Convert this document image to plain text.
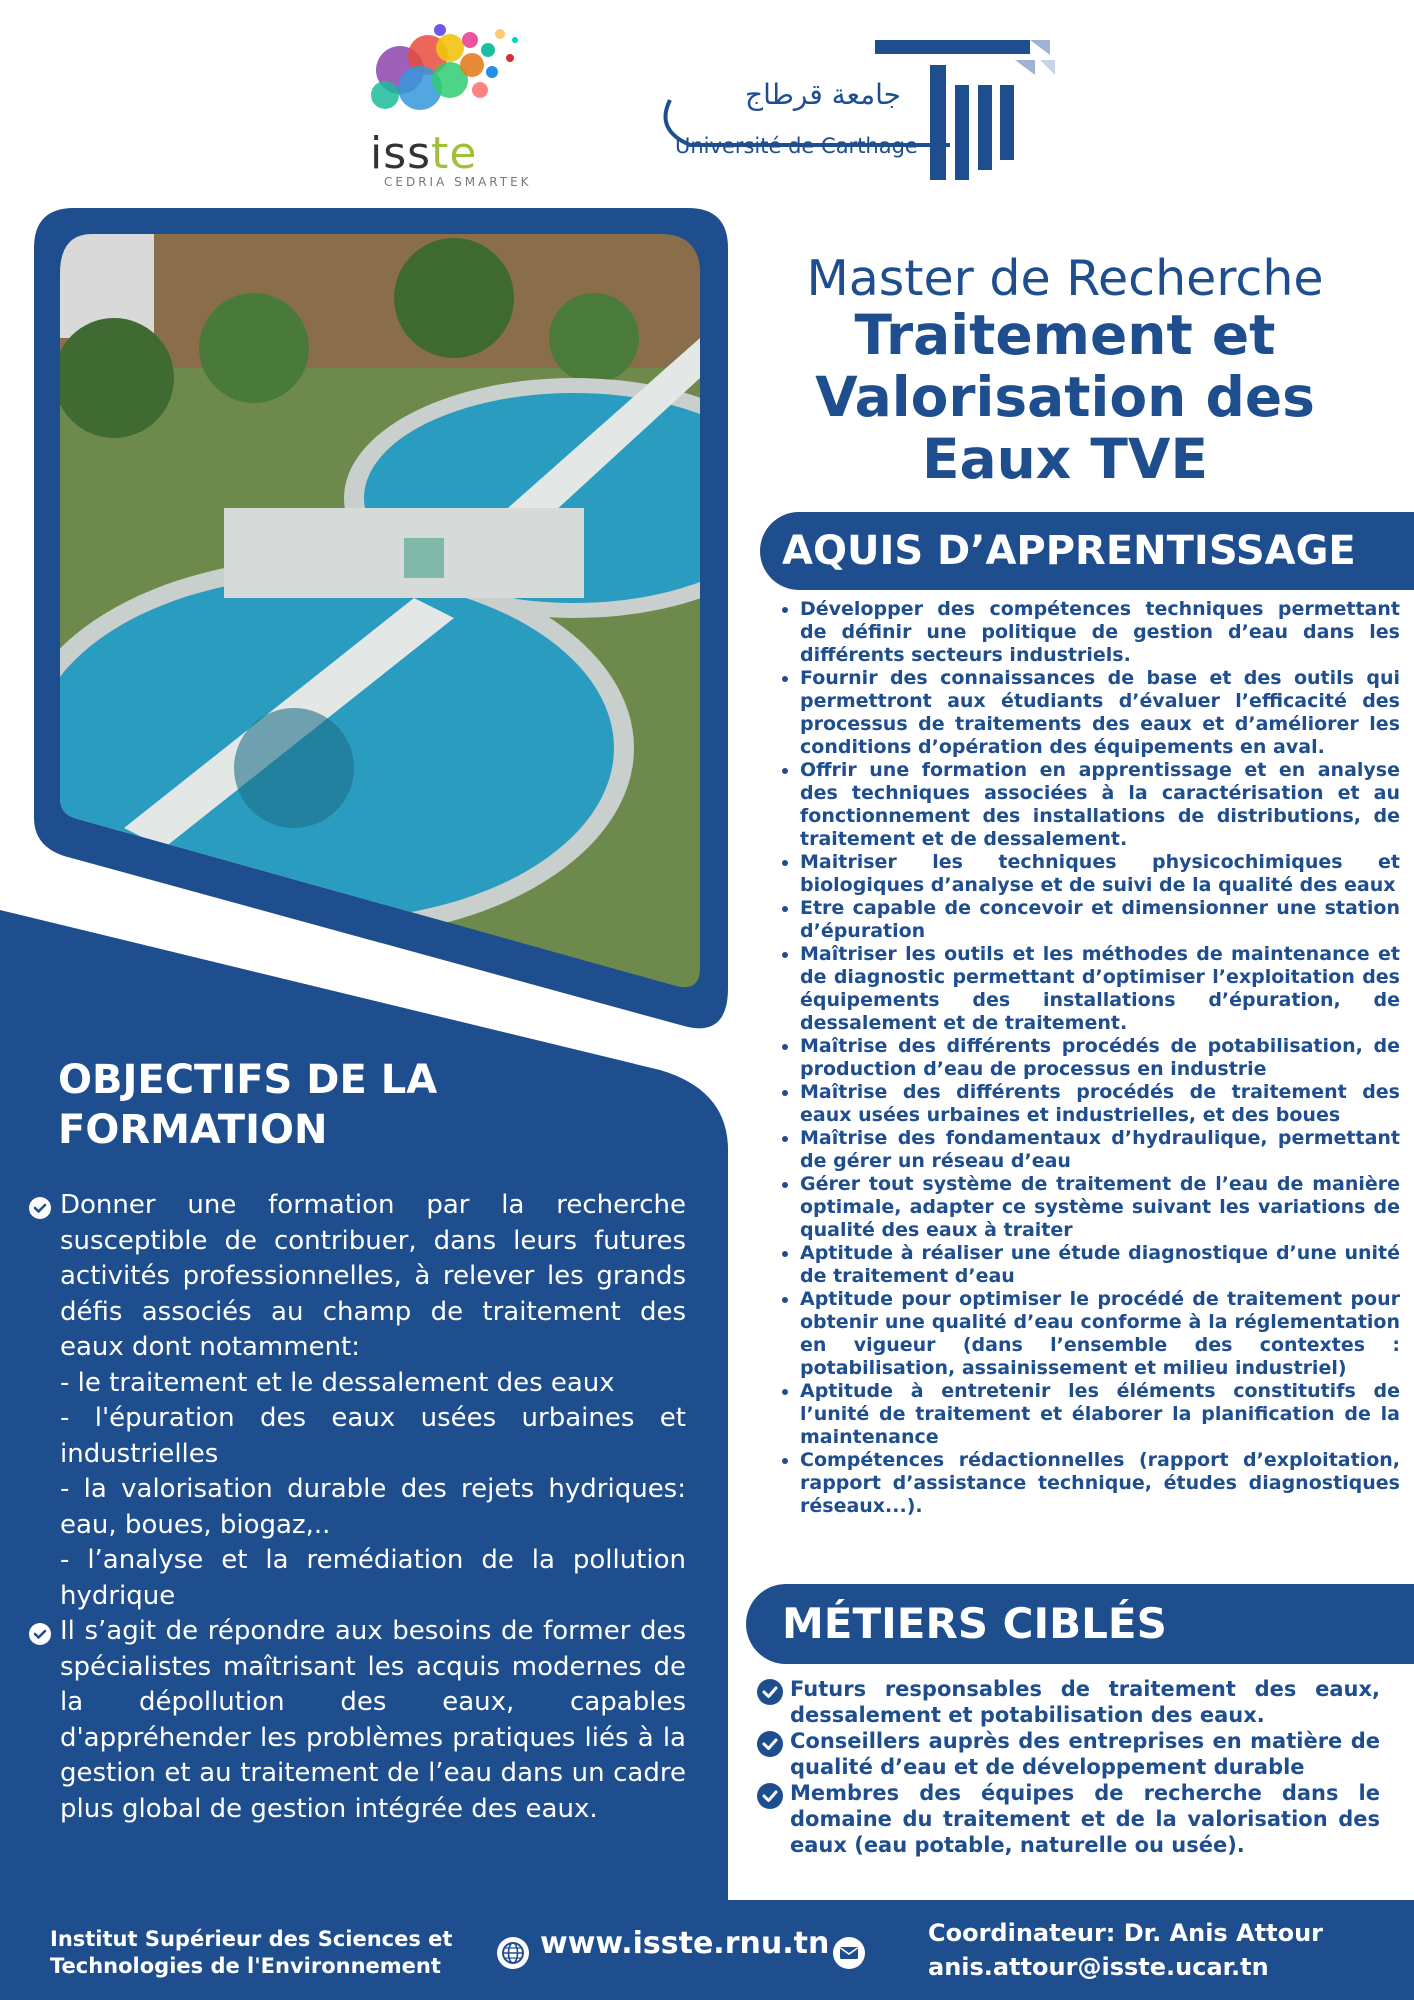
isste
CEDRIA SMARTEK
جامعة قرطاج
Université de Carthage
Master de Recherche
Traitement et
Valorisation des
Eaux TVE
AQUIS D’APPRENTISSAGE
• Développer des compétences techniques permettant de définir une politique de gestion d’eau dans les différents secteurs industriels.
• Fournir des connaissances de base et des outils qui permettront aux étudiants d’évaluer l’efficacité des processus de traitements des eaux et d’améliorer les conditions d’opération des équipements en aval.
• Offrir une formation en apprentissage et en analyse des techniques associées à la caractérisation et au fonctionnement des installations de distributions, de traitement et de dessalement.
• Maitriser les techniques physicochimiques et biologiques d’analyse et de suivi de la qualité des eaux
• Etre capable de concevoir et dimensionner une station d’épuration
• Maîtriser les outils et les méthodes de maintenance et de diagnostic permettant d’optimiser l’exploitation des équipements des installations d’épuration, de dessalement et de traitement.
• Maîtrise des différents procédés de potabilisation, de production d’eau de processus en industrie
• Maîtrise des différents procédés de traitement des eaux usées urbaines et industrielles, et des boues
• Maîtrise des fondamentaux d’hydraulique, permettant de gérer un réseau d’eau
• Gérer tout système de traitement de l’eau de manière optimale, adapter ce système suivant les variations de qualité des eaux à traiter
• Aptitude à réaliser une étude diagnostique d’une unité de traitement d’eau
• Aptitude pour optimiser le procédé de traitement pour obtenir une qualité d’eau conforme à la réglementation en vigueur (dans l’ensemble des contextes : potabilisation, assainissement et milieu industriel)
• Aptitude à entretenir les éléments constitutifs de l’unité de traitement et élaborer la planification de la maintenance
• Compétences rédactionnelles (rapport d’exploitation, rapport d’assistance technique, études diagnostiques réseaux...).
MÉTIERS CIBLÉS
Futurs responsables de traitement des eaux, dessalement et potabilisation des eaux.
Conseillers auprès des entreprises en matière de qualité d’eau et de développement durable
Membres des équipes de recherche dans le domaine du traitement et de la valorisation des eaux (eau potable, naturelle ou usée).
OBJECTIFS DE LA
FORMATION
Donner une formation par la recherche susceptible de contribuer, dans leurs futures activités professionnelles, à relever les grands défis associés au champ de traitement des eaux dont notamment:
- le traitement et le dessalement des eaux
- l'épuration des eaux usées urbaines et industrielles
- la valorisation durable des rejets hydriques: eau, boues, biogaz,..
- l’analyse et la remédiation de la pollution hydrique
Il s’agit de répondre aux besoins de former des spécialistes maîtrisant les acquis modernes de la dépollution des eaux, capables d'appréhender les problèmes pratiques liés à la gestion et au traitement de l’eau dans un cadre plus global de gestion intégrée des eaux.
Institut Supérieur des Sciences et
Technologies de l'Environnement
www.isste.rnu.tn	Coordinateur: Dr. Anis Attour
anis.attour@isste.ucar.tn
